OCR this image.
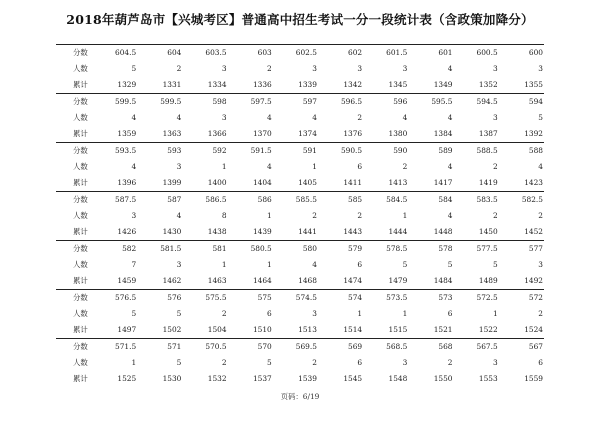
2018年葫芦岛市【兴城考区】普通高中招生考试一分一段统计表（含政策加降分）
分数	604.5	604	603.5	603	602.5	602	601.5	601	600.5	600
人数	5	2	3	2	3	3	3	4	3	3
累计	1329	1331	1334	1336	1339	1342	1345	1349	1352	1355
分数	599.5	599.5	598	597.5	597	596.5	596	595.5	594.5	594
人数	4	4	3	4	4	2	4	4	3	5
累计	1359	1363	1366	1370	1374	1376	1380	1384	1387	1392
分数	593.5	593	592	591.5	591	590.5	590	589	588.5	588
人数	4	3	1	4	1	6	2	4	2	4
累计	1396	1399	1400	1404	1405	1411	1413	1417	1419	1423
分数	587.5	587	586.5	586	585.5	585	584.5	584	583.5	582.5
人数	3	4	8	1	2	2	1	4	2	2
累计	1426	1430	1438	1439	1441	1443	1444	1448	1450	1452
分数	582	581.5	581	580.5	580	579	578.5	578	577.5	577
人数	7	3	1	1	4	6	5	5	5	3
累计	1459	1462	1463	1464	1468	1474	1479	1484	1489	1492
分数	576.5	576	575.5	575	574.5	574	573.5	573	572.5	572
人数	5	5	2	6	3	1	1	6	1	2
累计	1497	1502	1504	1510	1513	1514	1515	1521	1522	1524
分数	571.5	571	570.5	570	569.5	569	568.5	568	567.5	567
人数	1	5	2	5	2	6	3	2	3	6
累计	1525	1530	1532	1537	1539	1545	1548	1550	1553	1559
页码：6/19
